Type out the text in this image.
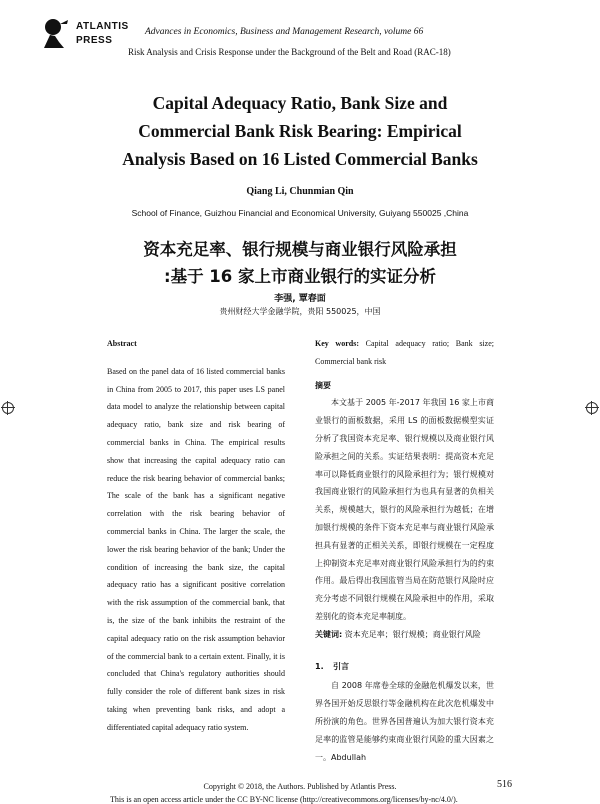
ATLANTIS
PRESS
Advances in Economics, Business and Management Research, volume 66
Risk Analysis and Crisis Response under the Background of the Belt and Road (RAC-18)
Capital Adequacy Ratio, Bank Size and
Commercial Bank Risk Bearing: Empirical
Analysis Based on 16 Listed Commercial Banks
Qiang Li, Chunmian Qin
School of Finance, Guizhou Financial and Economical University, Guiyang 550025 ,China
资本充足率、银行规模与商业银行风险承担
:基于 16 家上市商业银行的实证分析
李强, 覃春面
贵州财经大学金融学院，贵阳 550025，中国

Abstract

Based on the panel data of 16 listed commercial banks in China from 2005 to 2017, this paper uses LS panel data model to analyze the relationship between capital adequacy ratio, bank size and risk bearing of commercial banks in China. The empirical results show that increasing the capital adequacy ratio can reduce the risk bearing behavior of commercial banks; The scale of the bank has a significant negative correlation with the risk bearing behavior of commercial banks in China. The larger the scale, the lower the risk bearing behavior of the bank; Under the condition of increasing the bank size, the capital adequacy ratio has a significant positive correlation with the risk assumption of the commercial bank, that is, the size of the bank inhibits the restraint of the capital adequacy ratio on the risk assumption behavior of the commercial bank to a certain extent. Finally, it is concluded that China's regulatory authorities should fully consider the role of different bank sizes in risk taking when preventing bank risks, and adopt a differentiated capital adequacy ratio system.

Key words: Capital adequacy ratio; Bank size; Commercial bank risk

摘要

本文基于 2005 年-2017 年我国 16 家上市商业银行的面板数据，采用 LS 的面板数据模型实证分析了我国资本充足率、银行规模以及商业银行风险承担之间的关系。实证结果表明：提高资本充足率可以降低商业银行的风险承担行为；银行规模对我国商业银行的风险承担行为也具有显著的负相关关系，规模越大，银行的风险承担行为越低；在增加银行规模的条件下资本充足率与商业银行风险承担具有显著的正相关关系，即银行规模在一定程度上抑制资本充足率对商业银行风险承担行为的约束作用。最后得出我国监管当局在防范银行风险时应充分考虑不同银行规模在风险承担中的作用，采取差别化的资本充足率制度。

关键词: 资本充足率；银行规模；商业银行风险

1. 引言

自 2008 年席卷全球的金融危机爆发以来，世界各国开始反思银行等金融机构在此次危机爆发中所扮演的角色。世界各国普遍认为加大银行资本充足率的监管是能够约束商业银行风险的重大因素之一。Abdullah

Copyright © 2018, the Authors. Published by Atlantis Press.
This is an open access article under the CC BY-NC license (http://creativecommons.org/licenses/by-nc/4.0/).
516
